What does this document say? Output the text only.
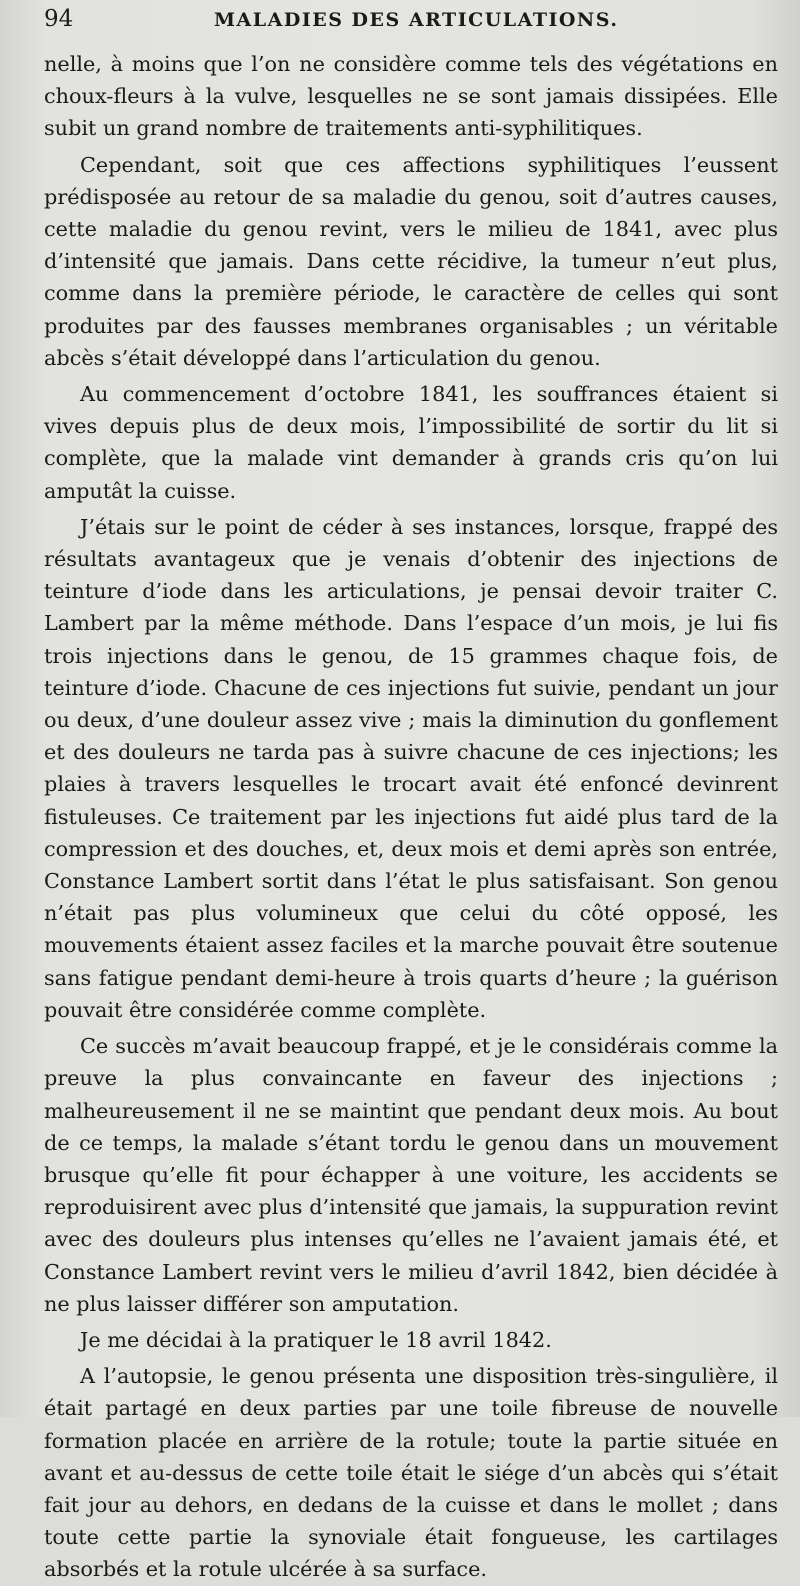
94	MALADIES DES ARTICULATIONS.

nelle, à moins que l’on ne considère comme tels des végétations en choux-fleurs à la vulve, lesquelles ne se sont jamais dissipées. Elle subit un grand nombre de traitements anti-syphilitiques.

Cependant, soit que ces affections syphilitiques l’eussent prédisposée au retour de sa maladie du genou, soit d’autres causes, cette maladie du genou revint, vers le milieu de 1841, avec plus d’intensité que jamais. Dans cette récidive, la tumeur n’eut plus, comme dans la première période, le caractère de celles qui sont produites par des fausses membranes organisables ; un véritable abcès s’était développé dans l’articulation du genou.

Au commencement d’octobre 1841, les souffrances étaient si vives depuis plus de deux mois, l’impossibilité de sortir du lit si complète, que la malade vint demander à grands cris qu’on lui amputât la cuisse.

J’étais sur le point de céder à ses instances, lorsque, frappé des résultats avantageux que je venais d’obtenir des injections de teinture d’iode dans les articulations, je pensai devoir traiter C. Lambert par la même méthode. Dans l’espace d’un mois, je lui fis trois injections dans le genou, de 15 grammes chaque fois, de teinture d’iode. Chacune de ces injections fut suivie, pendant un jour ou deux, d’une douleur assez vive ; mais la diminution du gonflement et des douleurs ne tarda pas à suivre chacune de ces injections; les plaies à travers lesquelles le trocart avait été enfoncé devinrent fistuleuses. Ce traitement par les injections fut aidé plus tard de la compression et des douches, et, deux mois et demi après son entrée, Constance Lambert sortit dans l’état le plus satisfaisant. Son genou n’était pas plus volumineux que celui du côté opposé, les mouvements étaient assez faciles et la marche pouvait être soutenue sans fatigue pendant demi-heure à trois quarts d’heure ; la guérison pouvait être considérée comme complète.

Ce succès m’avait beaucoup frappé, et je le considérais comme la preuve la plus convaincante en faveur des injections ; malheureusement il ne se maintint que pendant deux mois. Au bout de ce temps, la malade s’étant tordu le genou dans un mouvement brusque qu’elle fit pour échapper à une voiture, les accidents se reproduisirent avec plus d’intensité que jamais, la suppuration revint avec des douleurs plus intenses qu’elles ne l’avaient jamais été, et Constance Lambert revint vers le milieu d’avril 1842, bien décidée à ne plus laisser différer son amputation.

Je me décidai à la pratiquer le 18 avril 1842.

A l’autopsie, le genou présenta une disposition très-singulière, il était partagé en deux parties par une toile fibreuse de nouvelle formation placée en arrière de la rotule; toute la partie située en avant et au-dessus de cette toile était le siége d’un abcès qui s’était fait jour au dehors, en dedans de la cuisse et dans le mollet ; dans toute cette partie la synoviale était fongueuse, les cartilages absorbés et la rotule ulcérée à sa surface.
